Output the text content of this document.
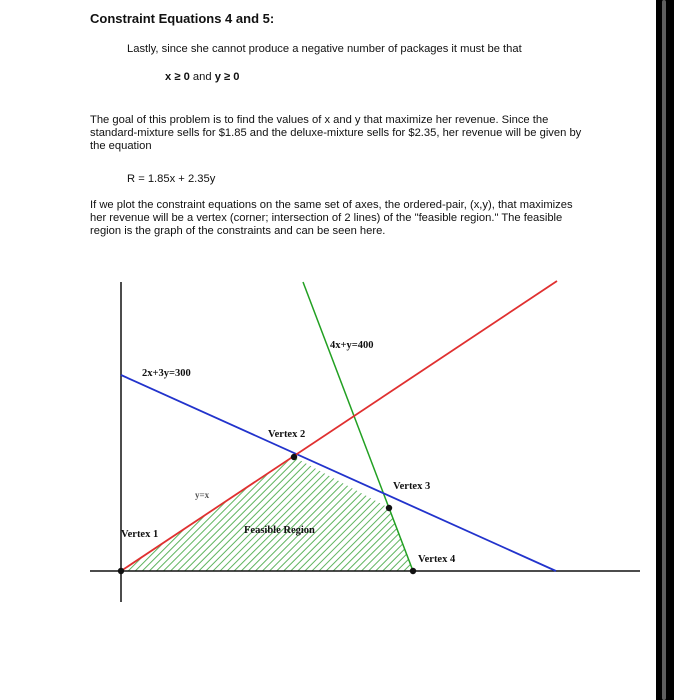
Constraint Equations 4 and 5:

Lastly, since she cannot produce a negative number of packages it must be that

x ≥ 0 and y ≥ 0

The goal of this problem is to find the values of x and y that maximize her revenue. Since the standard-mixture sells for $1.85 and the deluxe-mixture sells for $2.35, her revenue will be given by the equation

R = 1.85x + 2.35y

If we plot the constraint equations on the same set of axes, the ordered-pair, (x,y), that maximizes her revenue will be a vertex (corner; intersection of 2 lines) of the "feasible region." The feasible region is the graph of the constraints and can be seen here.

4x+y=400
2x+3y=300
y=x
Vertex 1
Vertex 2
Vertex 3
Vertex 4
Feasible Region
